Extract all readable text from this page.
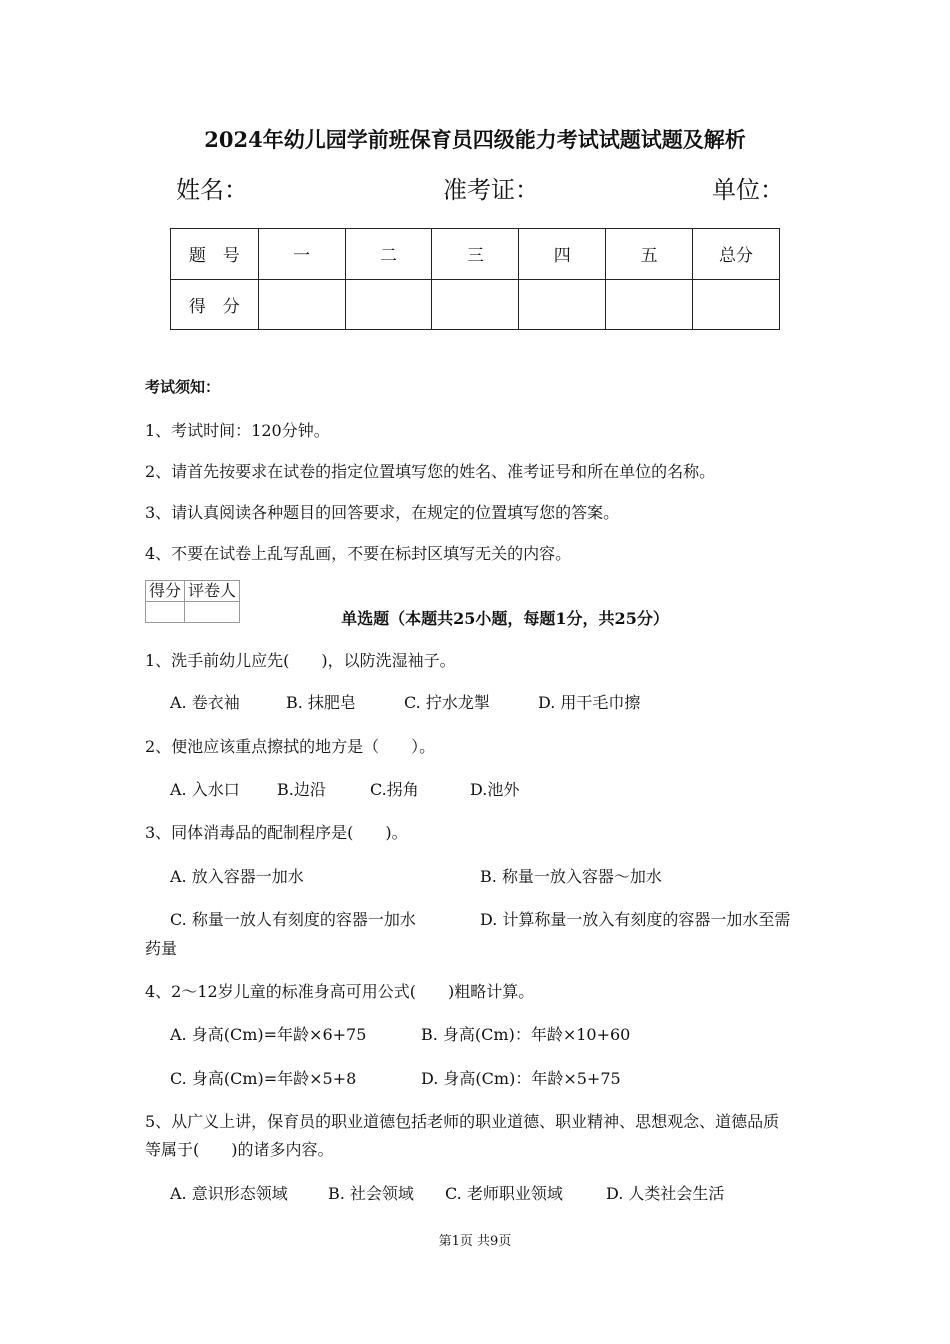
2024年幼儿园学前班保育员四级能力考试试题试题及解析
姓名：	准考证：	单位：
题　号	一	二	三	四	五	总分
得　分						
考试须知：
1、考试时间：120分钟。
2、请首先按要求在试卷的指定位置填写您的姓名、准考证号和所在单位的名称。
3、请认真阅读各种题目的回答要求，在规定的位置填写您的答案。
4、不要在试卷上乱写乱画，不要在标封区填写无关的内容。
得分	评卷人

单选题（本题共25小题，每题1分，共25分）
1、洗手前幼儿应先(　　)，以防洗湿袖子。
A. 卷衣袖	B. 抹肥皂	C. 拧水龙掣	D. 用干毛巾擦
2、便池应该重点擦拭的地方是（　　）。
A. 入水口 B.边沿	C.拐角	D.池外
3、同体消毒品的配制程序是(　　)。
A. 放入容器一加水	B. 称量一放入容器～加水
C. 称量一放人有刻度的容器一加水	D. 计算称量一放入有刻度的容器一加水至需
药量
4、2～12岁儿童的标准身高可用公式(　　)粗略计算。
A. 身高(Cm)=年龄×6+75	B. 身高(Cm)：年龄×10+60
C. 身高(Cm)=年龄×5+8	D. 身高(Cm)：年龄×5+75
5、从广义上讲，保育员的职业道德包括老师的职业道德、职业精神、思想观念、道德品质
等属于(　　)的诸多内容。
A. 意识形态领域	B. 社会领域 C. 老师职业领域	D. 人类社会生活
第1页 共9页
